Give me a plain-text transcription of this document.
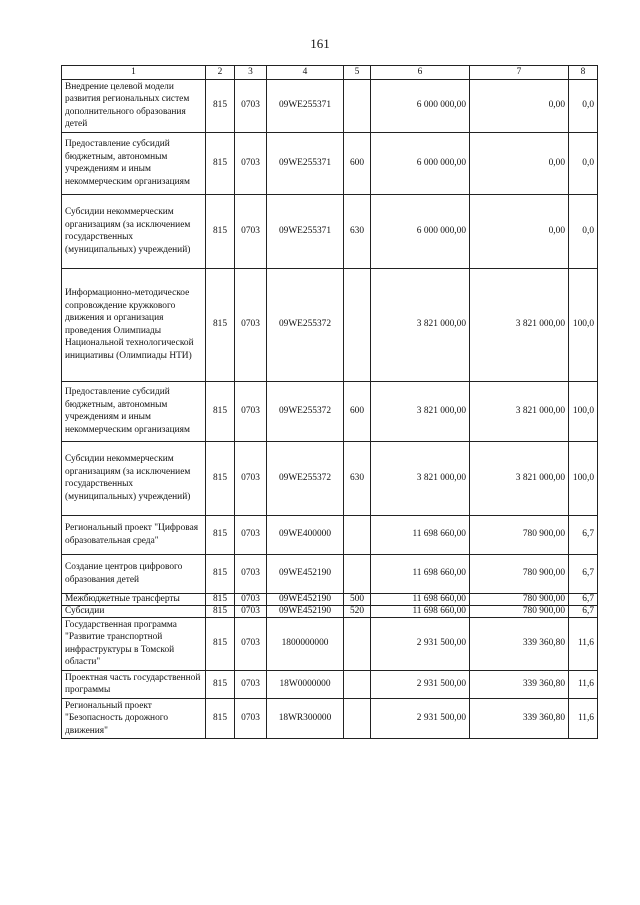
161
1	2	3	4	5	6	7	8
Внедрение целевой модели развития региональных систем дополнительного образования детей	815	0703	09WE255371		6 000 000,00	0,00	0,0
Предоставление субсидий бюджетным, автономным учреждениям и иным некоммерческим организациям	815	0703	09WE255371	600	6 000 000,00	0,00	0,0
Субсидии некоммерческим организациям (за исключением государственных (муниципальных) учреждений)	815	0703	09WE255371	630	6 000 000,00	0,00	0,0
Информационно-методическое сопровождение кружкового движения и организация проведения Олимпиады Национальной технологической инициативы (Олимпиады НТИ)	815	0703	09WE255372		3 821 000,00	3 821 000,00	100,0
Предоставление субсидий бюджетным, автономным учреждениям и иным некоммерческим организациям	815	0703	09WE255372	600	3 821 000,00	3 821 000,00	100,0
Субсидии некоммерческим организациям (за исключением государственных (муниципальных) учреждений)	815	0703	09WE255372	630	3 821 000,00	3 821 000,00	100,0
Региональный проект "Цифровая образовательная среда"	815	0703	09WE400000		11 698 660,00	780 900,00	6,7
Создание центров цифрового образования детей	815	0703	09WE452190		11 698 660,00	780 900,00	6,7
Межбюджетные трансферты	815	0703	09WE452190	500	11 698 660,00	780 900,00	6,7
Субсидии	815	0703	09WE452190	520	11 698 660,00	780 900,00	6,7
Государственная программа "Развитие транспортной инфраструктуры в Томской области"	815	0703	1800000000		2 931 500,00	339 360,80	11,6
Проектная часть государственной программы	815	0703	18W0000000		2 931 500,00	339 360,80	11,6
Региональный проект "Безопасность дорожного движения"	815	0703	18WR300000		2 931 500,00	339 360,80	11,6
